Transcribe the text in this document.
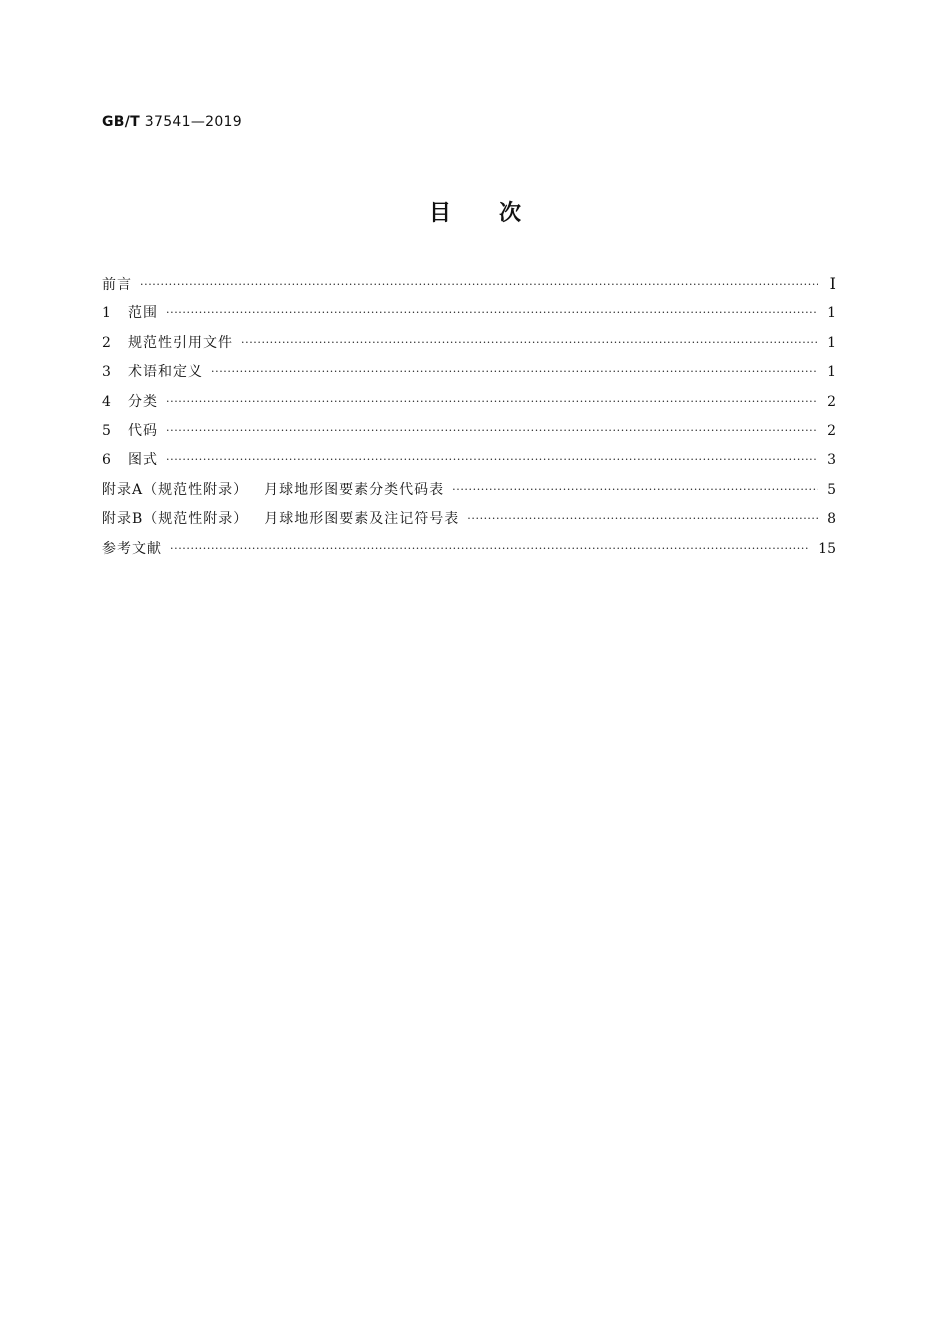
GB/T 37541—2019
目次
前言 ·····	Ⅰ
1	范围 ·····	1
2	规范性引用文件 ·····	1
3	术语和定义 ·····	1
4	分类 ·····	2
5	代码 ·····	2
6	图式 ·····	3
附录A（规范性附录） 月球地形图要素分类代码表 ·····	5
附录B（规范性附录） 月球地形图要素及注记符号表 ·····	8
参考文献 ·····	15
